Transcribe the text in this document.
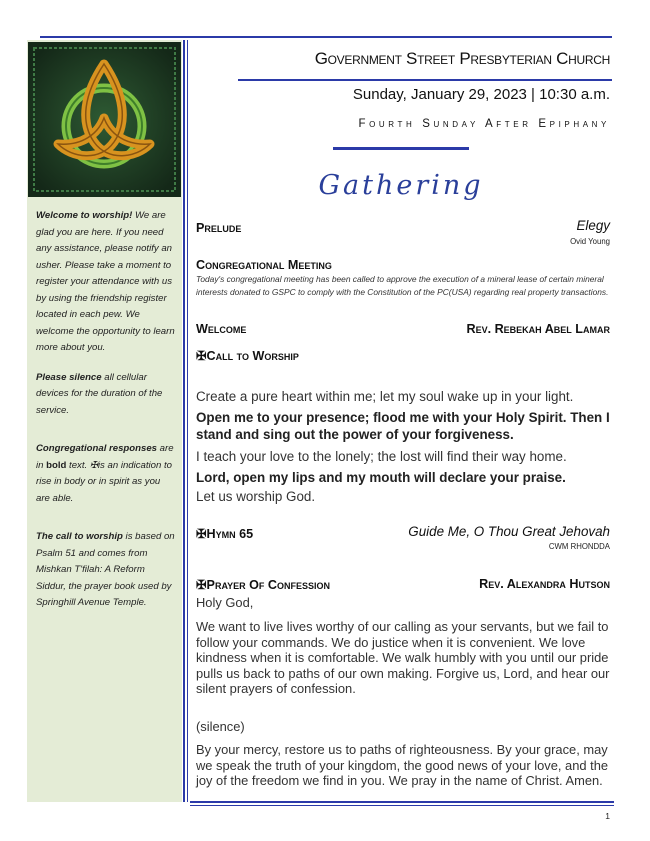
Welcome to worship! We are glad you are here. If you need any assistance, please notify an usher. Please take a moment to register your attendance with us by using the friendship register located in each pew. We welcome the opportunity to learn more about you.

Please silence all cellular devices for the duration of the service.

Congregational responses are in bold text. ✠is an indication to rise in body or in spirit as you are able.

The call to worship is based on Psalm 51 and comes from Mishkan T'filah: A Reform Siddur, the prayer book used by Springhill Avenue Temple.

Government Street Presbyterian Church
Sunday, January 29, 2023 | 10:30 a.m.
Fourth Sunday After Epiphany
Gathering
Prelude	Elegy
Ovid Young
Congregational Meeting
Today's congregational meeting has been called to approve the execution of a mineral lease of certain mineral interests donated to GSPC to comply with the Constitution of the PC(USA) regarding real property transactions.
Welcome	Rev. Rebekah Abel Lamar
✠Call to Worship
Create a pure heart within me; let my soul wake up in your light.
Open me to your presence; flood me with your Holy Spirit. Then I stand and sing out the power of your forgiveness.
I teach your love to the lonely; the lost will find their way home.
Lord, open my lips and my mouth will declare your praise.
Let us worship God.
✠Hymn 65	Guide Me, O Thou Great Jehovah
CWM RHONDDA
✠Prayer Of Confession	Rev. Alexandra Hutson
Holy God,
We want to live lives worthy of our calling as your servants, but we fail to follow your commands. We do justice when it is convenient. We love kindness when it is comfortable. We walk humbly with you until our pride pulls us back to paths of our own making. Forgive us, Lord, and hear our silent prayers of confession.
(silence)
By your mercy, restore us to paths of righteousness. By your grace, may we speak the truth of your kingdom, the good news of your love, and the joy of the freedom we find in you. We pray in the name of Christ. Amen.
1
